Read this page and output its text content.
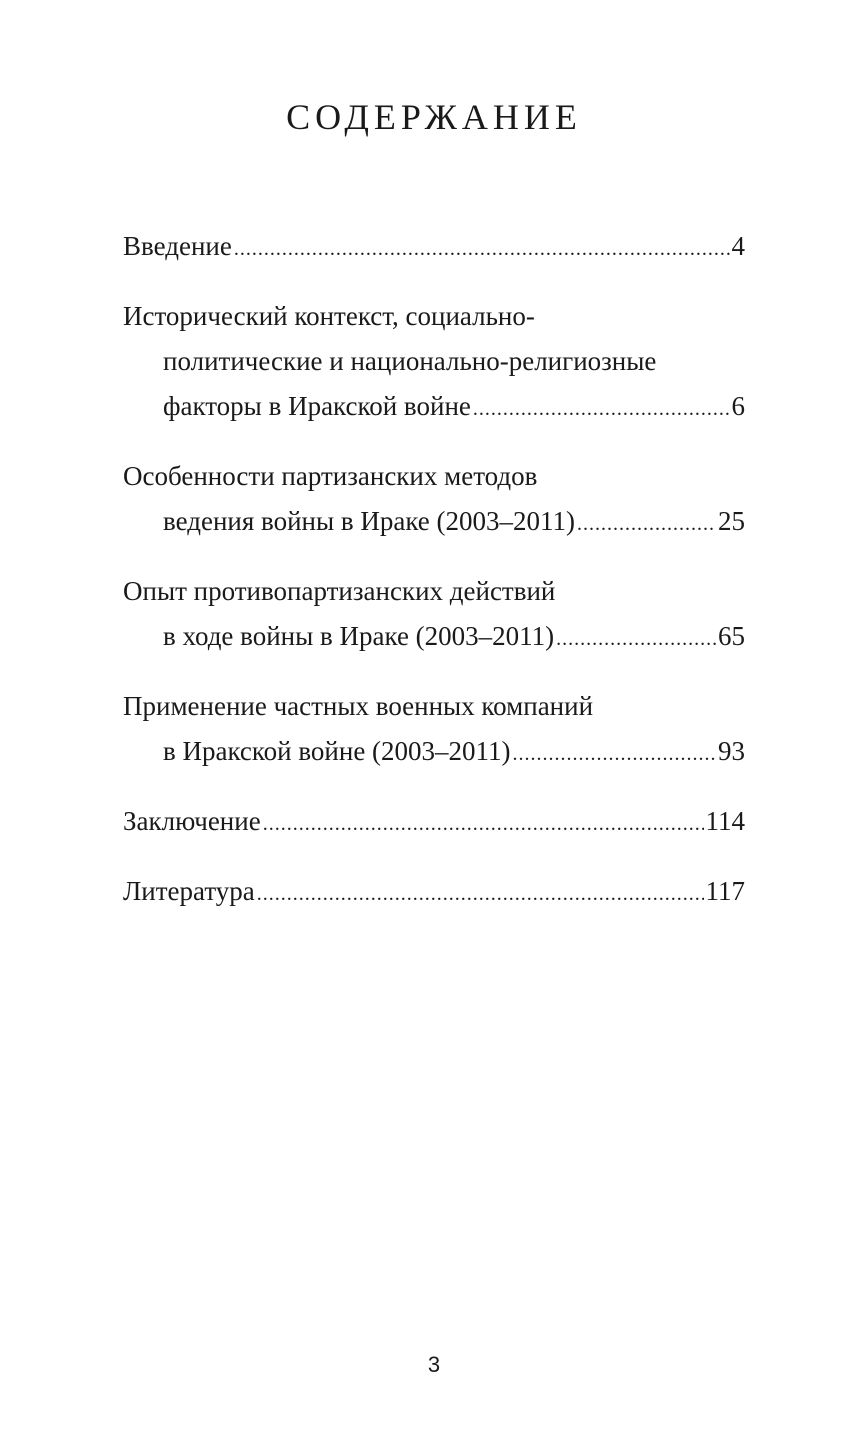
СОДЕРЖАНИЕ
Введение .....	4
Исторический контекст, социально-
политические и национально-религиозные
факторы в Иракской войне .....	6
Особенности партизанских методов
ведения войны в Ираке (2003–2011) .....	25
Опыт противопартизанских действий
в ходе войны в Ираке (2003–2011) .....	65
Применение частных военных компаний
в Иракской войне (2003–2011) .....	93
Заключение .....	114
Литература .....	117
3
